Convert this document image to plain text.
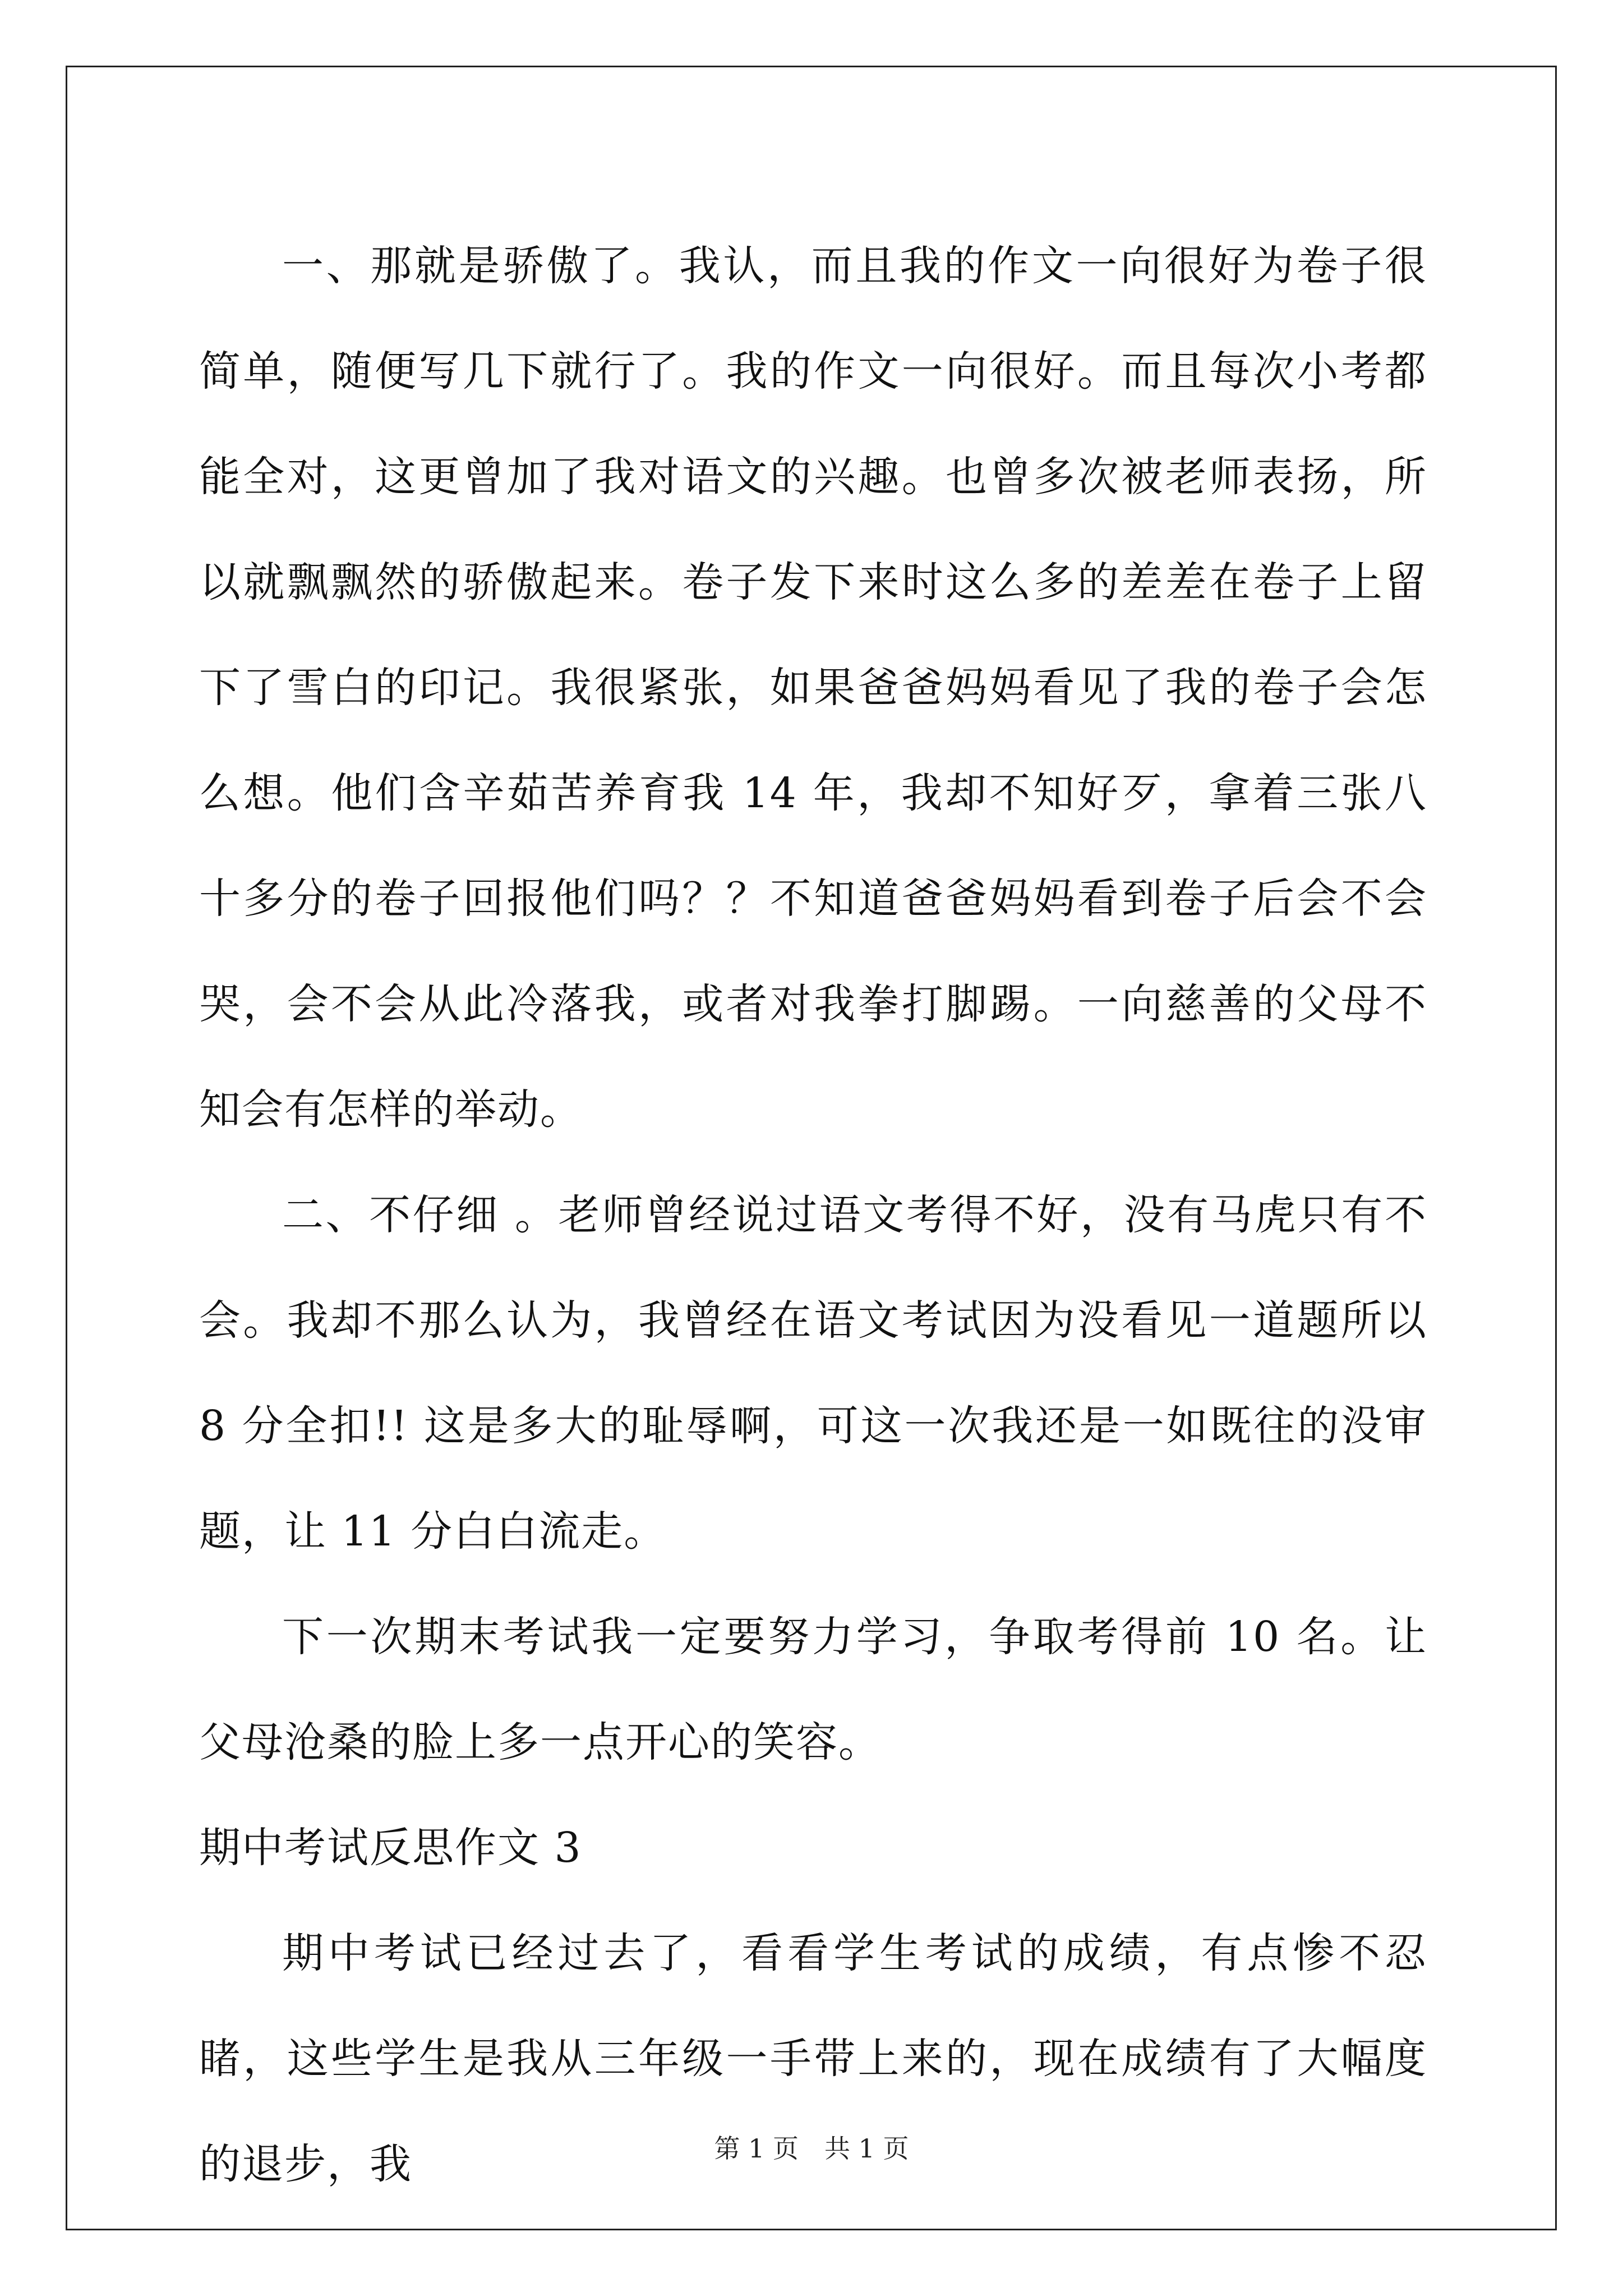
一、那就是骄傲了。我认，而且我的作文一向很好为卷子很简单，随便写几下就行了。我的作文一向很好。而且每次小考都能全对，这更曾加了我对语文的兴趣。也曾多次被老师表扬，所以就飘飘然的骄傲起来。卷子发下来时这么多的差差在卷子上留下了雪白的印记。我很紧张，如果爸爸妈妈看见了我的卷子会怎么想。他们含辛茹苦养育我 14 年，我却不知好歹，拿着三张八十多分的卷子回报他们吗？？不知道爸爸妈妈看到卷子后会不会哭，会不会从此冷落我，或者对我拳打脚踢。一向慈善的父母不知会有怎样的举动。

二、不仔细 。老师曾经说过语文考得不好，没有马虎只有不会。我却不那么认为，我曾经在语文考试因为没看见一道题所以 8 分全扣!! 这是多大的耻辱啊，可这一次我还是一如既往的没审题，让 11 分白白流走。

下一次期末考试我一定要努力学习，争取考得前 10 名。让父母沧桑的脸上多一点开心的笑容。

期中考试反思作文 3

期中考试已经过去了，看看学生考试的成绩，有点惨不忍睹，这些学生是我从三年级一手带上来的，现在成绩有了大幅度的退步，我	第 1 页　共 1 页
